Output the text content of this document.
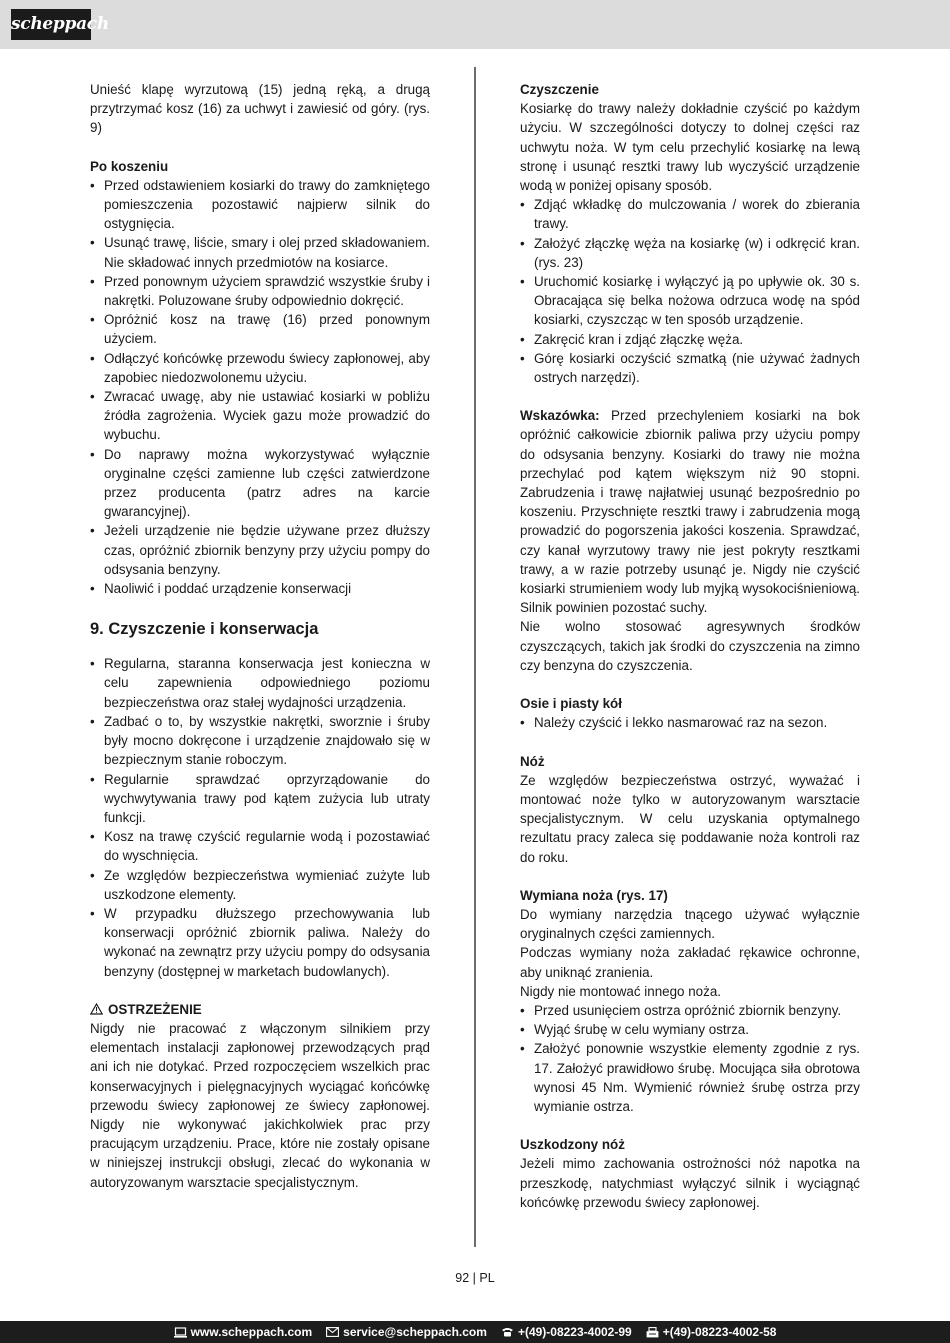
scheppach

Unieść klapę wyrzutową (15) jedną ręką, a drugą przytrzymać kosz (16) za uchwyt i zawiesić od góry. (rys. 9)

Po koszeniu

• Przed odstawieniem kosiarki do trawy do zamkniętego pomieszczenia pozostawić najpierw silnik do ostygnięcia.
• Usunąć trawę, liście, smary i olej przed składowaniem. Nie składować innych przedmiotów na kosiarce.
• Przed ponownym użyciem sprawdzić wszystkie śruby i nakrętki. Poluzowane śruby odpowiednio dokręcić.
• Opróżnić kosz na trawę (16) przed ponownym użyciem.
• Odłączyć końcówkę przewodu świecy zapłonowej, aby zapobiec niedozwolonemu użyciu.
• Zwracać uwagę, aby nie ustawiać kosiarki w pobliżu źródła zagrożenia. Wyciek gazu może prowadzić do wybuchu.
• Do naprawy można wykorzystywać wyłącznie oryginalne części zamienne lub części zatwierdzone przez producenta (patrz adres na karcie gwarancyjnej).
• Jeżeli urządzenie nie będzie używane przez dłuższy czas, opróżnić zbiornik benzyny przy użyciu pompy do odsysania benzyny.
• Naoliwić i poddać urządzenie konserwacji
9. Czyszczenie i konserwacja
• Regularna, staranna konserwacja jest konieczna w celu zapewnienia odpowiedniego poziomu bezpieczeństwa oraz stałej wydajności urządzenia.
• Zadbać o to, by wszystkie nakrętki, sworznie i śruby były mocno dokręcone i urządzenie znajdowało się w bezpiecznym stanie roboczym.
• Regularnie sprawdzać oprzyrządowanie do wychwytywania trawy pod kątem zużycia lub utraty funkcji.
• Kosz na trawę czyścić regularnie wodą i pozostawiać do wyschnięcia.
• Ze względów bezpieczeństwa wymieniać zużyte lub uszkodzone elementy.
• W przypadku dłuższego przechowywania lub konserwacji opróżnić zbiornik paliwa. Należy do wykonać na zewnątrz przy użyciu pompy do odsysania benzyny (dostępnej w marketach budowlanych).
OSTRZEŻENIE

Nigdy nie pracować z włączonym silnikiem przy elementach instalacji zapłonowej przewodzących prąd ani ich nie dotykać. Przed rozpoczęciem wszelkich prac konserwacyjnych i pielęgnacyjnych wyciągać końcówkę przewodu świecy zapłonowej ze świecy zapłonowej. Nigdy nie wykonywać jakichkolwiek prac przy pracującym urządzeniu. Prace, które nie zostały opisane w niniejszej instrukcji obsługi, zlecać do wykonania w autoryzowanym warsztacie specjalistycznym.

Czyszczenie

Kosiarkę do trawy należy dokładnie czyścić po każdym użyciu. W szczególności dotyczy to dolnej części raz uchwytu noża. W tym celu przechylić kosiarkę na lewą stronę i usunąć resztki trawy lub wyczyścić urządzenie wodą w poniżej opisany sposób.

• Zdjąć wkładkę do mulczowania / worek do zbierania trawy.
• Założyć złączkę węża na kosiarkę (w) i odkręcić kran. (rys. 23)
• Uruchomić kosiarkę i wyłączyć ją po upływie ok. 30 s. Obracająca się belka nożowa odrzuca wodę na spód kosiarki, czyszcząc w ten sposób urządzenie.
• Zakręcić kran i zdjąć złączkę węża.
• Górę kosiarki oczyścić szmatką (nie używać żadnych ostrych narzędzi).

Wskazówka: Przed przechyleniem kosiarki na bok opróżnić całkowicie zbiornik paliwa przy użyciu pompy do odsysania benzyny. Kosiarki do trawy nie można przechylać pod kątem większym niż 90 stopni. Zabrudzenia i trawę najłatwiej usunąć bezpośrednio po koszeniu. Przyschnięte resztki trawy i zabrudzenia mogą prowadzić do pogorszenia jakości koszenia. Sprawdzać, czy kanał wyrzutowy trawy nie jest pokryty resztkami trawy, a w razie potrzeby usunąć je. Nigdy nie czyścić kosiarki strumieniem wody lub myjką wysokociśnieniową. Silnik powinien pozostać suchy.

Nie wolno stosować agresywnych środków czyszczących, takich jak środki do czyszczenia na zimno czy benzyna do czyszczenia.

Osie i piasty kół

• Należy czyścić i lekko nasmarować raz na sezon.

Nóż

Ze względów bezpieczeństwa ostrzyć, wyważać i montować noże tylko w autoryzowanym warsztacie specjalistycznym. W celu uzyskania optymalnego rezultatu pracy zaleca się poddawanie noża kontroli raz do roku.

Wymiana noża (rys. 17)

Do wymiany narzędzia tnącego używać wyłącznie oryginalnych części zamiennych.

Podczas wymiany noża zakładać rękawice ochronne, aby uniknąć zranienia.

Nigdy nie montować innego noża.

• Przed usunięciem ostrza opróżnić zbiornik benzyny.
• Wyjąć śrubę w celu wymiany ostrza.
• Założyć ponownie wszystkie elementy zgodnie z rys. 17. Założyć prawidłowo śrubę. Mocująca siła obrotowa wynosi 45 Nm. Wymienić również śrubę ostrza przy wymianie ostrza.

Uszkodzony nóż

Jeżeli mimo zachowania ostrożności nóż napotka na przeszkodę, natychmiast wyłączyć silnik i wyciągnąć końcówkę przewodu świecy zapłonowej.

92 | PL
www.scheppach.com	service@scheppach.com	+(49)-08223-4002-99	+(49)-08223-4002-58
